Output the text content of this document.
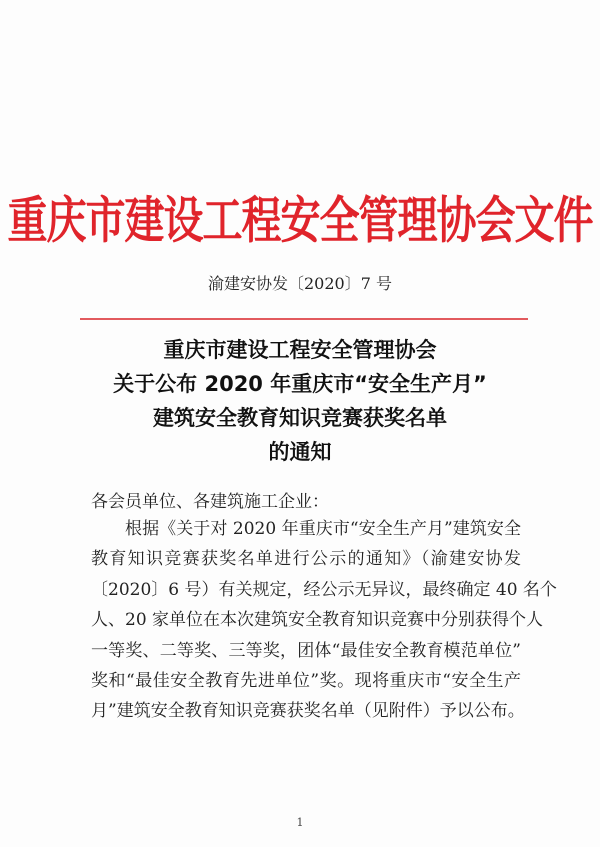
重庆市建设工程安全管理协会文件
渝建安协发〔2020〕7 号
重庆市建设工程安全管理协会
关于公布 2020 年重庆市“安全生产月”
建筑安全教育知识竞赛获奖名单
的通知
各会员单位、各建筑施工企业：
根据《关于对 2020 年重庆市“安全生产月”建筑安全
教育知识竞赛获奖名单进行公示的通知》（渝建安协发
〔2020〕6 号）有关规定，经公示无异议，最终确定 40 名个
人、20 家单位在本次建筑安全教育知识竞赛中分别获得个人
一等奖、二等奖、三等奖，团体“最佳安全教育模范单位”
奖和“最佳安全教育先进单位”奖。现将重庆市“安全生产
月”建筑安全教育知识竞赛获奖名单（见附件）予以公布。
1
